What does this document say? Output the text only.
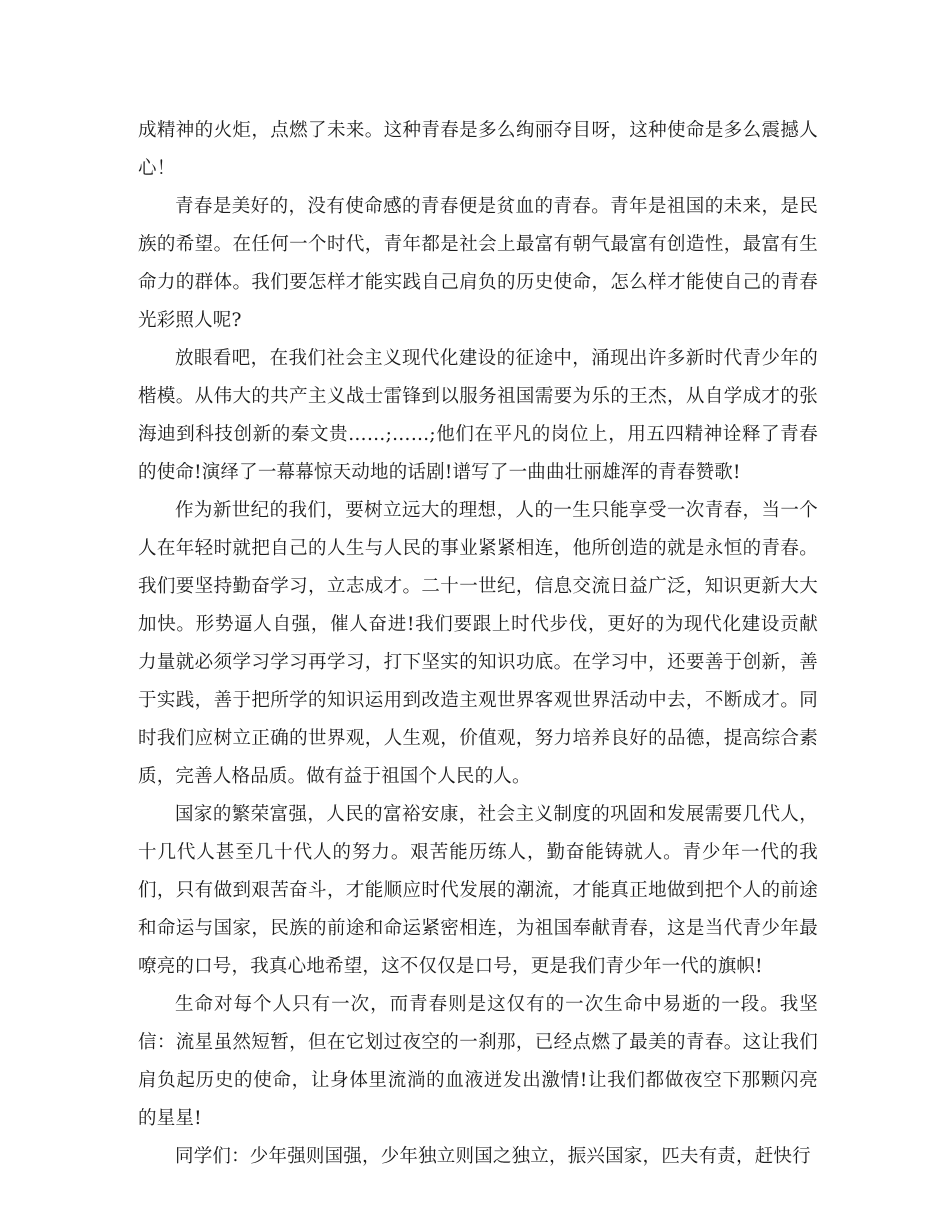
成精神的火炬，点燃了未来。这种青春是多么绚丽夺目呀，这种使命是多么震撼人心！

青春是美好的，没有使命感的青春便是贫血的青春。青年是祖国的未来，是民族的希望。在任何一个时代，青年都是社会上最富有朝气最富有创造性，最富有生命力的群体。我们要怎样才能实践自己肩负的历史使命，怎么样才能使自己的青春光彩照人呢?

放眼看吧，在我们社会主义现代化建设的征途中，涌现出许多新时代青少年的楷模。从伟大的共产主义战士雷锋到以服务祖国需要为乐的王杰，从自学成才的张海迪到科技创新的秦文贵……;……;他们在平凡的岗位上，用五四精神诠释了青春的使命!演绎了一幕幕惊天动地的话剧!谱写了一曲曲壮丽雄浑的青春赞歌!

作为新世纪的我们，要树立远大的理想，人的一生只能享受一次青春，当一个人在年轻时就把自己的人生与人民的事业紧紧相连，他所创造的就是永恒的青春。我们要坚持勤奋学习，立志成才。二十一世纪，信息交流日益广泛，知识更新大大加快。形势逼人自强，催人奋进!我们要跟上时代步伐，更好的为现代化建设贡献力量就必须学习学习再学习，打下坚实的知识功底。在学习中，还要善于创新，善于实践，善于把所学的知识运用到改造主观世界客观世界活动中去，不断成才。同时我们应树立正确的世界观，人生观，价值观，努力培养良好的品德，提高综合素质，完善人格品质。做有益于祖国个人民的人。

国家的繁荣富强，人民的富裕安康，社会主义制度的巩固和发展需要几代人，十几代人甚至几十代人的努力。艰苦能历练人，勤奋能铸就人。青少年一代的我们，只有做到艰苦奋斗，才能顺应时代发展的潮流，才能真正地做到把个人的前途和命运与国家，民族的前途和命运紧密相连，为祖国奉献青春，这是当代青少年最嘹亮的口号，我真心地希望，这不仅仅是口号，更是我们青少年一代的旗帜!

生命对每个人只有一次，而青春则是这仅有的一次生命中易逝的一段。我坚信：流星虽然短暂，但在它划过夜空的一刹那，已经点燃了最美的青春。这让我们肩负起历史的使命，让身体里流淌的血液迸发出激情!让我们都做夜空下那颗闪亮的星星!

同学们：少年强则国强，少年独立则国之独立，振兴国家，匹夫有责，赶快行
